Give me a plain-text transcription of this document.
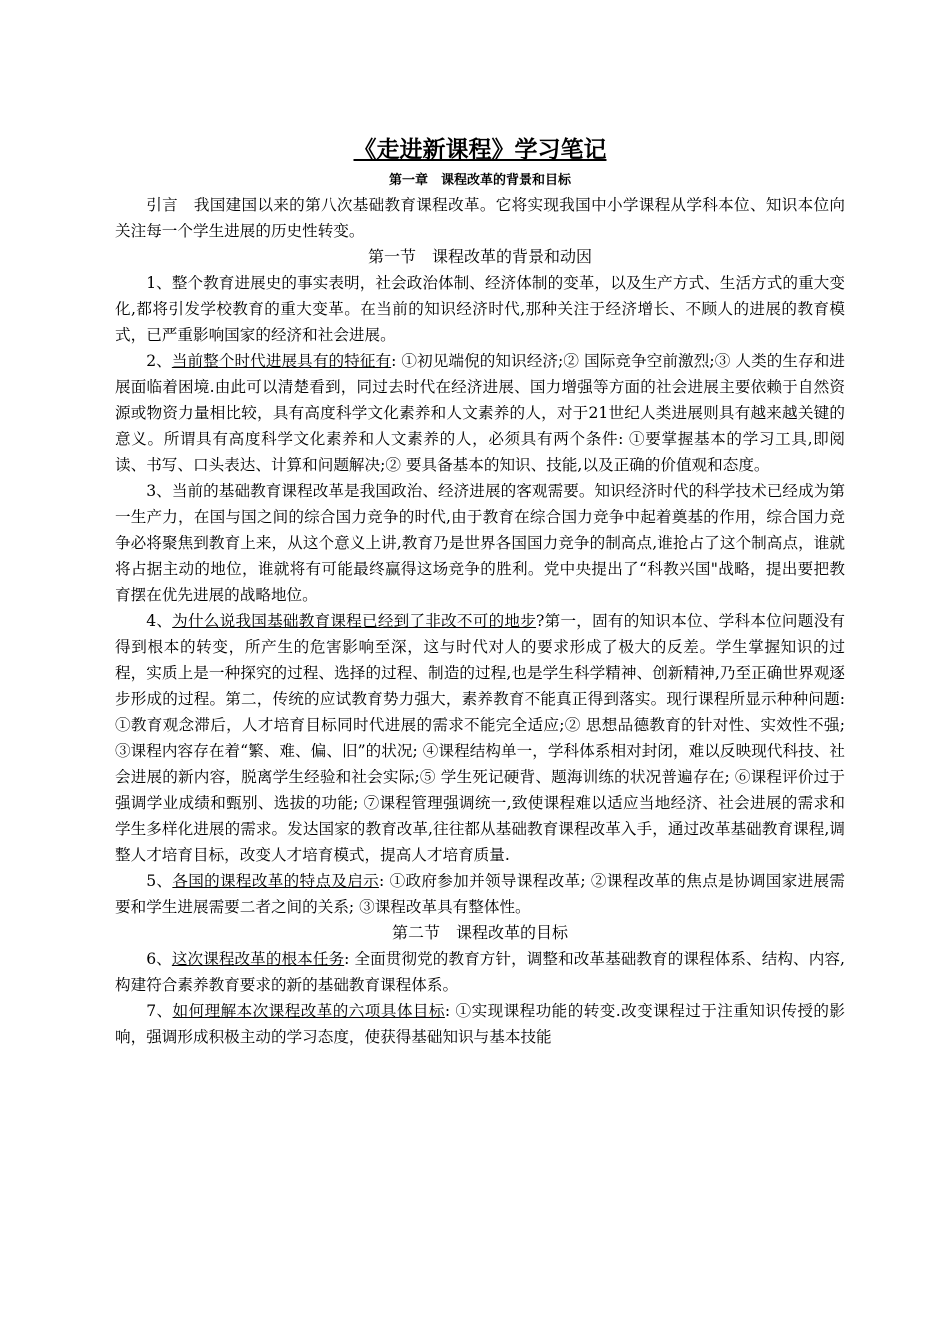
《走进新课程》学习笔记
第一章　课程改革的背景和目标

引言　我国建国以来的第八次基础教育课程改革。它将实现我国中小学课程从学科本位、知识本位向关注每一个学生进展的历史性转变。

第一节　课程改革的背景和动因

1、整个教育进展史的事实表明，社会政治体制、经济体制的变革，以及生产方式、生活方式的重大变化,都将引发学校教育的重大变革。在当前的知识经济时代,那种关注于经济增长、不顾人的进展的教育模式，已严重影响国家的经济和社会进展。

2、当前整个时代进展具有的特征有: ①初见端倪的知识经济;② 国际竞争空前激烈;③ 人类的生存和进展面临着困境.由此可以清楚看到，同过去时代在经济进展、国力增强等方面的社会进展主要依赖于自然资源或物资力量相比较，具有高度科学文化素养和人文素养的人，对于21世纪人类进展则具有越来越关键的意义。所谓具有高度科学文化素养和人文素养的人，必须具有两个条件: ①要掌握基本的学习工具,即阅读、书写、口头表达、计算和问题解决;② 要具备基本的知识、技能,以及正确的价值观和态度。

3、当前的基础教育课程改革是我国政治、经济进展的客观需要。知识经济时代的科学技术已经成为第一生产力，在国与国之间的综合国力竞争的时代,由于教育在综合国力竞争中起着奠基的作用，综合国力竞争必将聚焦到教育上来，从这个意义上讲,教育乃是世界各国国力竞争的制高点,谁抢占了这个制高点，谁就将占据主动的地位，谁就将有可能最终赢得这场竞争的胜利。党中央提出了“科教兴国"战略，提出要把教育摆在优先进展的战略地位。

4、为什么说我国基础教育课程已经到了非改不可的地步?第一，固有的知识本位、学科本位问题没有得到根本的转变，所产生的危害影响至深，这与时代对人的要求形成了极大的反差。学生掌握知识的过程，实质上是一种探究的过程、选择的过程、制造的过程,也是学生科学精神、创新精神,乃至正确世界观逐步形成的过程。第二，传统的应试教育势力强大，素养教育不能真正得到落实。现行课程所显示种种问题: ①教育观念滞后，人才培育目标同时代进展的需求不能完全适应;② 思想品德教育的针对性、实效性不强; ③课程内容存在着“繁、难、偏、旧”的状况; ④课程结构单一，学科体系相对封闭，难以反映现代科技、社会进展的新内容，脱离学生经验和社会实际;⑤ 学生死记硬背、题海训练的状况普遍存在; ⑥课程评价过于强调学业成绩和甄别、选拔的功能; ⑦课程管理强调统一,致使课程难以适应当地经济、社会进展的需求和学生多样化进展的需求。发达国家的教育改革,往往都从基础教育课程改革入手，通过改革基础教育课程,调整人才培育目标，改变人才培育模式，提高人才培育质量.

5、各国的课程改革的特点及启示: ①政府参加并领导课程改革; ②课程改革的焦点是协调国家进展需要和学生进展需要二者之间的关系; ③课程改革具有整体性。

第二节　课程改革的目标

6、这次课程改革的根本任务: 全面贯彻党的教育方针，调整和改革基础教育的课程体系、结构、内容,构建符合素养教育要求的新的基础教育课程体系。

7、如何理解本次课程改革的六项具体目标: ①实现课程功能的转变.改变课程过于注重知识传授的影响，强调形成积极主动的学习态度，使获得基础知识与基本技能
